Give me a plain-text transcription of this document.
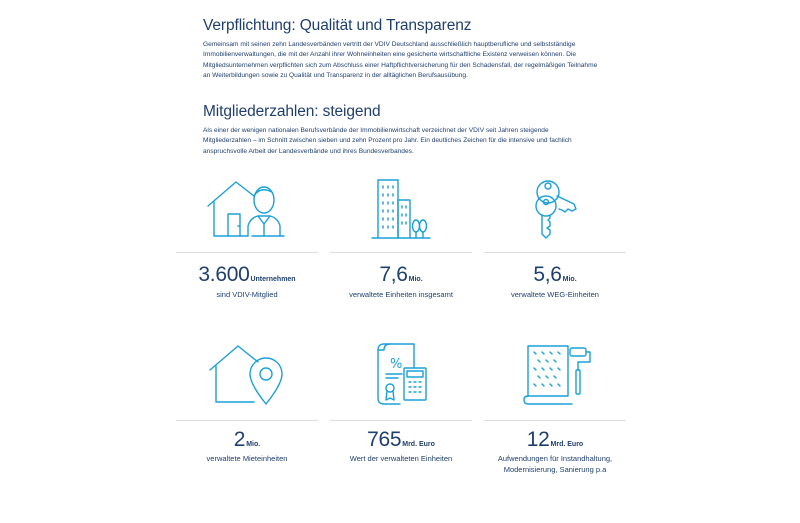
Verpflichtung: Qualität und Transparenz

Gemeinsam mit seinen zehn Landesverbänden vertritt der VDIV Deutschland ausschließlich hauptberufliche und selbstständige Immobilienverwaltungen, die mit der Anzahl ihrer Wohneinheiten eine gesicherte wirtschaftliche Existenz verweisen können. Die Mitgliedsunternehmen verpflichten sich zum Abschluss einer Haftpflichtversicherung für den Schadensfall, der regelmäßigen Teilnahme an Weiterbildungen sowie zu Qualität und Transparenz in der alltäglichen Berufsausübung.

Mitgliederzahlen: steigend

Als einer der wenigen nationalen Berufsverbände der Immobilienwirtschaft verzeichnet der VDIV seit Jahren steigende Mitgliederzahlen – im Schnitt zwischen sieben und zehn Prozent pro Jahr. Ein deutliches Zeichen für die intensive und fachlich anspruchsvolle Arbeit der Landesverbände und ihres Bundesverbandes.

3.600Unternehmen
sind VDIV-Mitglied
7,6Mio.
verwaltete Einheiten insgesamt
5,6Mio.
verwaltete WEG-Einheiten
2Mio.
verwaltete Mieteinheiten
%
765Mrd. Euro
Wert der verwalteten Einheiten
12Mrd. Euro
Aufwendungen für Instandhaltung, Modernisierung, Sanierung p.a
